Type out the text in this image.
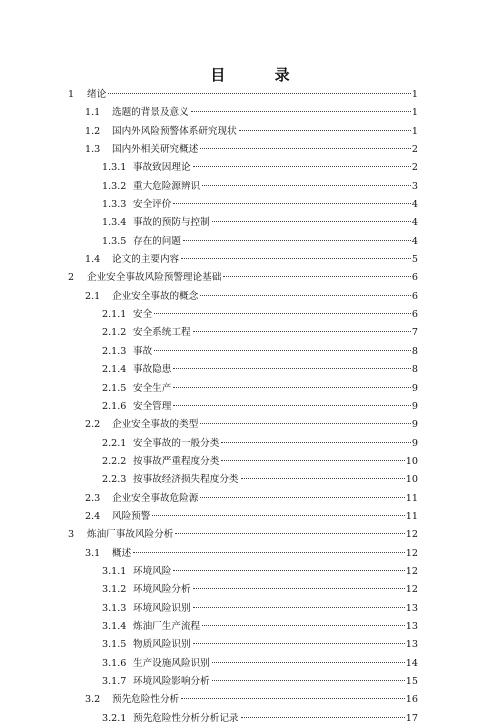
目 录
1	绪论	1
1.1	选题的背景及意义	1
1.2	国内外风险预警体系研究现状	1
1.3	国内外相关研究概述	2
1.3.1 事故致因理论	2
1.3.2 重大危险源辨识	3
1.3.3 安全评价	4
1.3.4 事故的预防与控制	4
1.3.5 存在的问题	4
1.4	论文的主要内容	5
2	企业安全事故风险预警理论基础	6
2.1	企业安全事故的概念	6
2.1.1 安全	6
2.1.2 安全系统工程	7
2.1.3 事故	8
2.1.4 事故隐患	8
2.1.5 安全生产	9
2.1.6 安全管理	9
2.2	企业安全事故的类型	9
2.2.1 安全事故的一般分类	9
2.2.2 按事故严重程度分类	10
2.2.3 按事故经济损失程度分类	10
2.3	企业安全事故危险源	11
2.4	风险预警	11
3	炼油厂事故风险分析	12
3.1	概述	12
3.1.1 环境风险	12
3.1.2 环境风险分析	12
3.1.3 环境风险识别	13
3.1.4 炼油厂生产流程	13
3.1.5 物质风险识别	13
3.1.6 生产设施风险识别	14
3.1.7 环境风险影响分析	15
3.2	预先危险性分析	16
3.2.1 预先危险性分析分析记录	17
